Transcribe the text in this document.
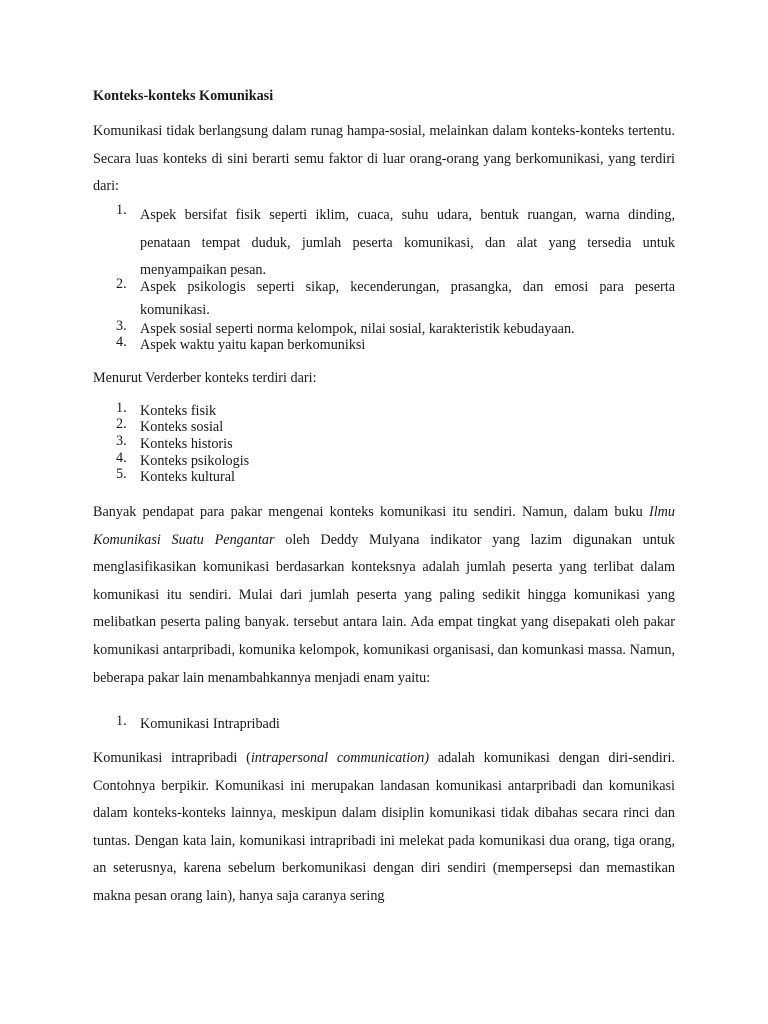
Konteks-konteks Komunikasi
Komunikasi tidak berlangsung dalam runag hampa-sosial, melainkan dalam konteks-konteks tertentu. Secara luas konteks di sini berarti semu faktor di luar orang-orang yang berkomunikasi, yang terdiri dari:
1. Aspek bersifat fisik seperti iklim, cuaca, suhu udara, bentuk ruangan, warna dinding, penataan tempat duduk, jumlah peserta komunikasi, dan alat yang tersedia untuk menyampaikan pesan.
2. Aspek psikologis seperti sikap, kecenderungan, prasangka, dan emosi para peserta komunikasi.
3. Aspek sosial seperti norma kelompok, nilai sosial, karakteristik kebudayaan.
4. Aspek waktu yaitu kapan berkomuniksi
Menurut Verderber konteks terdiri dari:
1. Konteks fisik
2. Konteks sosial
3. Konteks historis
4. Konteks psikologis
5. Konteks kultural
Banyak pendapat para pakar mengenai konteks komunikasi itu sendiri. Namun, dalam buku Ilmu Komunikasi Suatu Pengantar oleh Deddy Mulyana indikator yang lazim digunakan untuk menglasifikasikan komunikasi berdasarkan konteksnya adalah jumlah peserta yang terlibat dalam komunikasi itu sendiri. Mulai dari jumlah peserta yang paling sedikit hingga komunikasi yang melibatkan peserta paling banyak. tersebut antara lain. Ada empat tingkat yang disepakati oleh pakar komunikasi antarpribadi, komunika kelompok, komunikasi organisasi, dan komunkasi massa. Namun, beberapa pakar lain menambahkannya menjadi enam yaitu:
1. Komunikasi Intrapribadi
Komunikasi intrapribadi (intrapersonal communication) adalah komunikasi dengan diri-sendiri. Contohnya berpikir. Komunikasi ini merupakan landasan komunikasi antarpribadi dan komunikasi dalam konteks-konteks lainnya, meskipun dalam disiplin komunikasi tidak dibahas secara rinci dan tuntas. Dengan kata lain, komunikasi intrapribadi ini melekat pada komunikasi dua orang, tiga orang, an seterusnya, karena sebelum berkomunikasi dengan diri sendiri (mempersepsi dan memastikan makna pesan orang lain), hanya saja caranya sering
